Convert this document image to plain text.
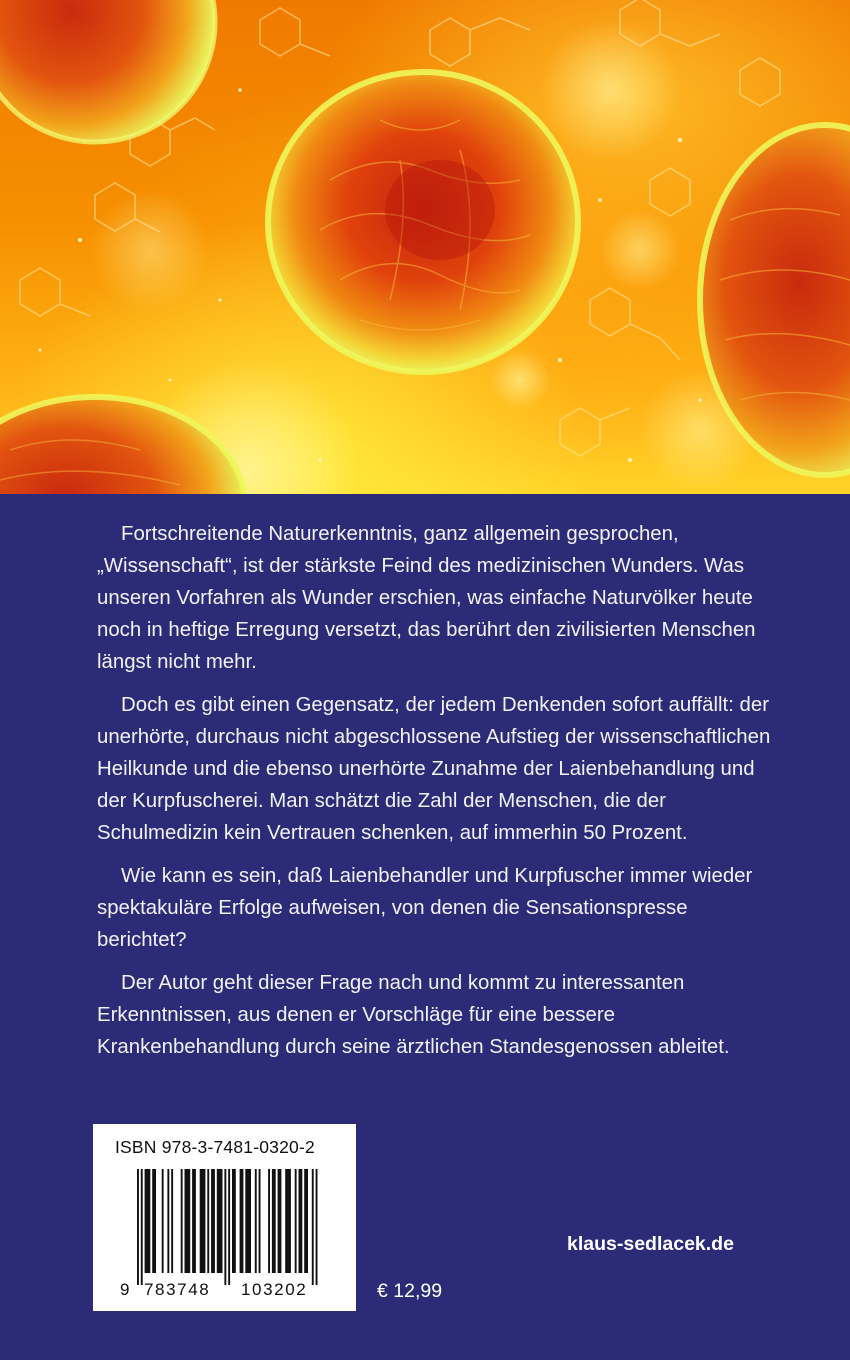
Fortschreitende Naturerkenntnis, ganz allgemein gesprochen, „Wissenschaft“, ist der stärkste Feind des medizinischen Wunders. Was unseren Vorfahren als Wunder erschien, was einfache Naturvölker heute noch in heftige Erregung versetzt, das berührt den zivilisierten Menschen längst nicht mehr.

Doch es gibt einen Gegensatz, der jedem Denkenden sofort auffällt: der unerhörte, durchaus nicht abgeschlossene Aufstieg der wissenschaftlichen Heilkunde und die ebenso unerhörte Zunahme der Laienbehandlung und der Kurpfuscherei. Man schätzt die Zahl der Menschen, die der Schulmedizin kein Vertrauen schenken, auf immerhin 50 Prozent.

Wie kann es sein, daß Laienbehandler und Kurpfuscher immer wieder spektakuläre Erfolge aufweisen, von denen die Sensationspresse berichtet?

Der Autor geht dieser Frage nach und kommt zu interessanten Erkenntnissen, aus denen er Vorschläge für eine bessere Krankenbehandlung durch seine ärztlichen Standesgenossen ableitet.

ISBN 978-3-7481-0320-2
9 783748 103202
klaus-sedlacek.de
€ 12,99
